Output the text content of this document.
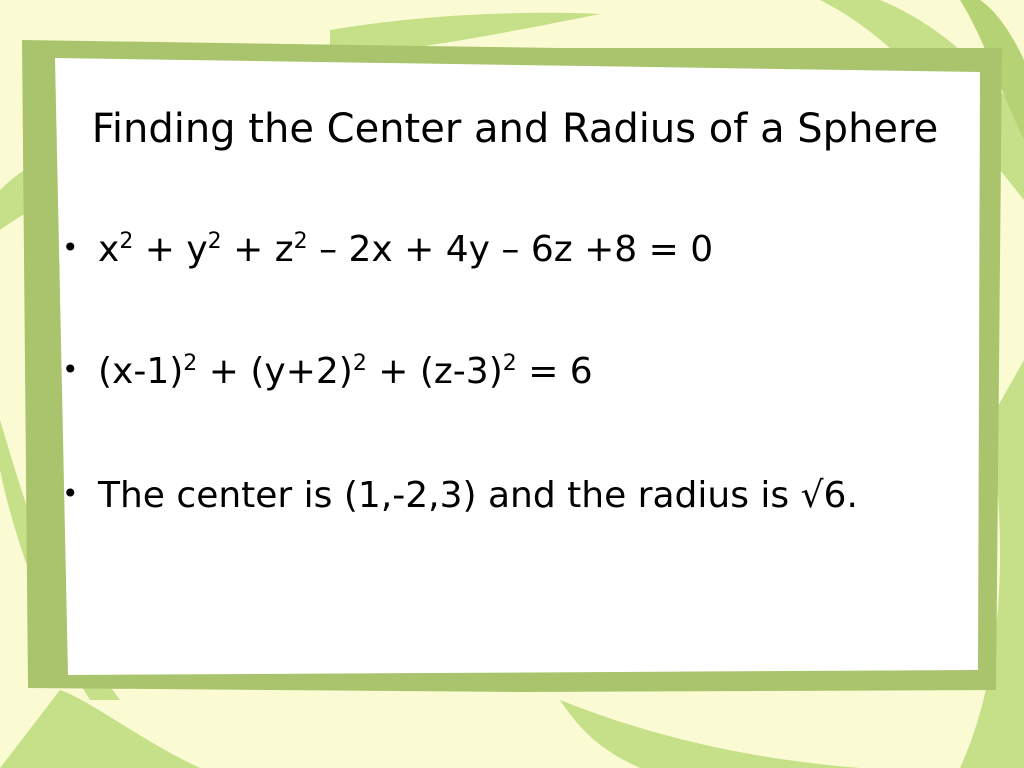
Finding the Center and Radius of a Sphere
• $x^2 + y^2 + z^2 - 2x + 4y - 6z +8 = 0$
• $(x-1)^2 + (y+2)^2 + (z-3)^2 = 6$
• The center is (1,-2,3) and the radius is √6.
